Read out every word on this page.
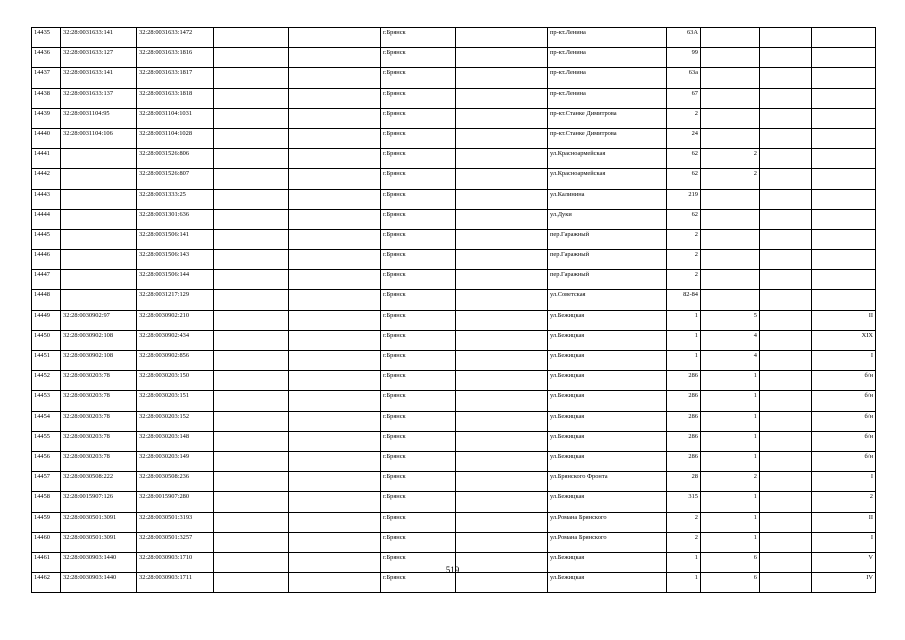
14435	32:28:0031633:141	32:28:0031633:1472			г.Брянск		пр-кт.Ленина	63А			
14436	32:28:0031633:127	32:28:0031633:1816			г.Брянск		пр-кт.Ленина	99			
14437	32:28:0031633:141	32:28:0031633:1817			г.Брянск		пр-кт.Ленина	63а			
14438	32:28:0031633:137	32:28:0031633:1818			г.Брянск		пр-кт.Ленина	67			
14439	32:28:0031104:95	32:28:0031104:1031			г.Брянск		пр-кт.Станке Димитрова	2			
14440	32:28:0031104:106	32:28:0031104:1028			г.Брянск		пр-кт.Станке Димитрова	24			
14441		32:28:0031526:806			г.Брянск		ул.Красноармейская	62	2		
14442		32:28:0031526:807			г.Брянск		ул.Красноармейская	62	2		
14443		32:28:0031333:25			г.Брянск		ул.Калинина	219			
14444		32:28:0031301:636			г.Брянск		ул.Дуки	62			
14445		32:28:0031506:141			г.Брянск		пер.Гаражный	2			
14446		32:28:0031506:143			г.Брянск		пер.Гаражный	2			
14447		32:28:0031506:144			г.Брянск		пер.Гаражный	2			
14448		32:28:0031217:129			г.Брянск		ул.Советская	82-84			
14449	32:28:0030902:97	32:28:0030902:210			г.Брянск		ул.Бежицкая	1	5		II
14450	32:28:0030902:108	32:28:0030902:434			г.Брянск		ул.Бежицкая	1	4		XIX
14451	32:28:0030902:108	32:28:0030902:856			г.Брянск		ул.Бежицкая	1	4		I
14452	32:28:0030203:78	32:28:0030203:150			г.Брянск		ул.Бежицкая	286	1		б/н
14453	32:28:0030203:78	32:28:0030203:151			г.Брянск		ул.Бежицкая	286	1		б/н
14454	32:28:0030203:78	32:28:0030203:152			г.Брянск		ул.Бежицкая	286	1		б/н
14455	32:28:0030203:78	32:28:0030203:148			г.Брянск		ул.Бежицкая	286	1		б/н
14456	32:28:0030203:78	32:28:0030203:149			г.Брянск		ул.Бежицкая	286	1		б/н
14457	32:28:0030508:222	32:28:0030508:236			г.Брянск		ул.Брянского Фронта	28	2		I
14458	32:28:0015907:126	32:28:0015907:280			г.Брянск		ул.Бежицкая	315	1		2
14459	32:28:0030501:3091	32:28:0030501:3193			г.Брянск		ул.Романа Брянского	2	1		II
14460	32:28:0030501:3091	32:28:0030501:3257			г.Брянск		ул.Романа Брянского	2	1		I
14461	32:28:0030903:1440	32:28:0030903:1710			г.Брянск		ул.Бежицкая	1	6		V
14462	32:28:0030903:1440	32:28:0030903:1711			г.Брянск		ул.Бежицкая	1	6		IV
519
